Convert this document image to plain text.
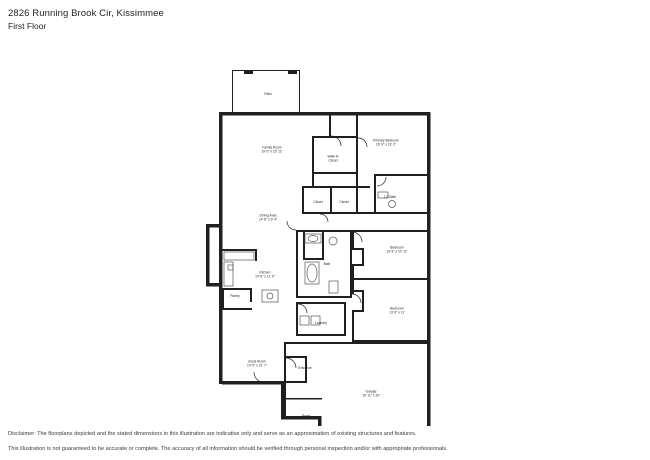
2826 Running Brook Cir, Kissimmee
First Floor
Patio
Family Room
19' 6" x 15' 11"
Primary Bedroom
16' 9" x 13' 2"
Walk-In
Closet
Closet	Closet
1/2 Bath
Dining Area
14' 8" x 9' 4"
Bath
Bedroom
13' 8" x 10' 11"
Kitchen
14' 8" x 11' 0"
Pantry
Bedroom
13' 6" x 11'
Laundry
Great Room
14' 9" x 21' 7"	Entrance
Garage
19' 11" x 20'
Porch

Disclaimer: The floorplans depicted and the stated dimensions in this illustration are indicative only and serve as an approximation of existing structures and features.

This illustration is not guaranteed to be accurate or complete. The accuracy of all information should be verified through personal inspection and/or with appropriate professionals.
